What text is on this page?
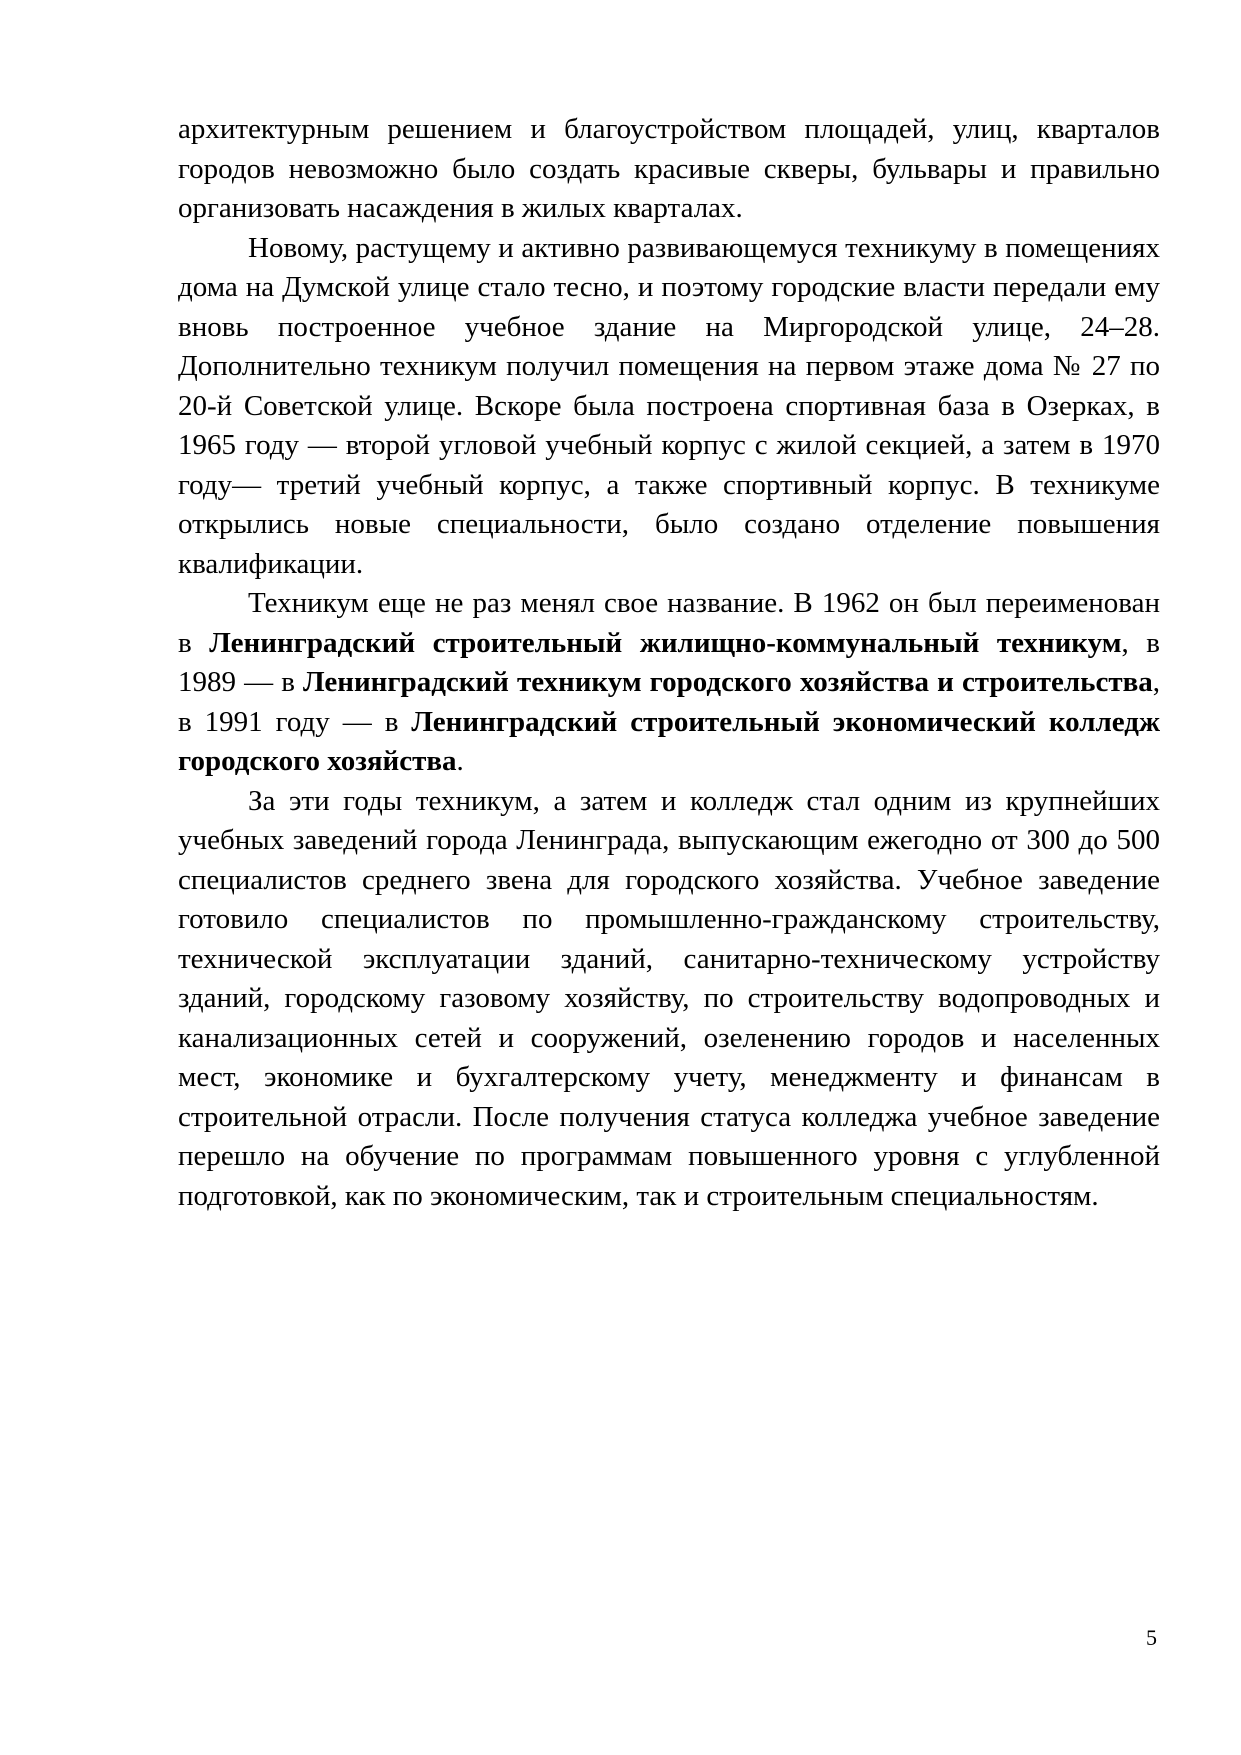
архитектурным решением и благоустройством площадей, улиц, кварталов городов невозможно было создать красивые скверы, бульвары и правильно организовать насаждения в жилых кварталах.

Новому, растущему и активно развивающемуся техникуму в помещениях дома на Думской улице стало тесно, и поэтому городские власти передали ему вновь построенное учебное здание на Миргородской улице, 24–28. Дополнительно техникум получил помещения на первом этаже дома № 27 по 20-й Советской улице. Вскоре была построена спортивная база в Озерках, в 1965 году — второй угловой учебный корпус с жилой секцией, а затем в 1970 году— третий учебный корпус, а также спортивный корпус. В техникуме открылись новые специальности, было создано отделение повышения квалификации.

Техникум еще не раз менял свое название. В 1962 он был переименован в Ленинградский строительный жилищно-коммунальный техникум, в 1989 — в Ленинградский техникум городского хозяйства и строительства, в 1991 году — в Ленинградский строительный экономический колледж городского хозяйства.

За эти годы техникум, а затем и колледж стал одним из крупнейших учебных заведений города Ленинграда, выпускающим ежегодно от 300 до 500 специалистов среднего звена для городского хозяйства. Учебное заведение готовило специалистов по промышленно-гражданскому строительству, технической эксплуатации зданий, санитарно-техническому устройству зданий, городскому газовому хозяйству, по строительству водопроводных и канализационных сетей и сооружений, озеленению городов и населенных мест, экономике и бухгалтерскому учету, менеджменту и финансам в строительной отрасли. После получения статуса колледжа учебное заведение перешло на обучение по программам повышенного уровня с углубленной подготовкой, как по экономическим, так и строительным специальностям.

5
